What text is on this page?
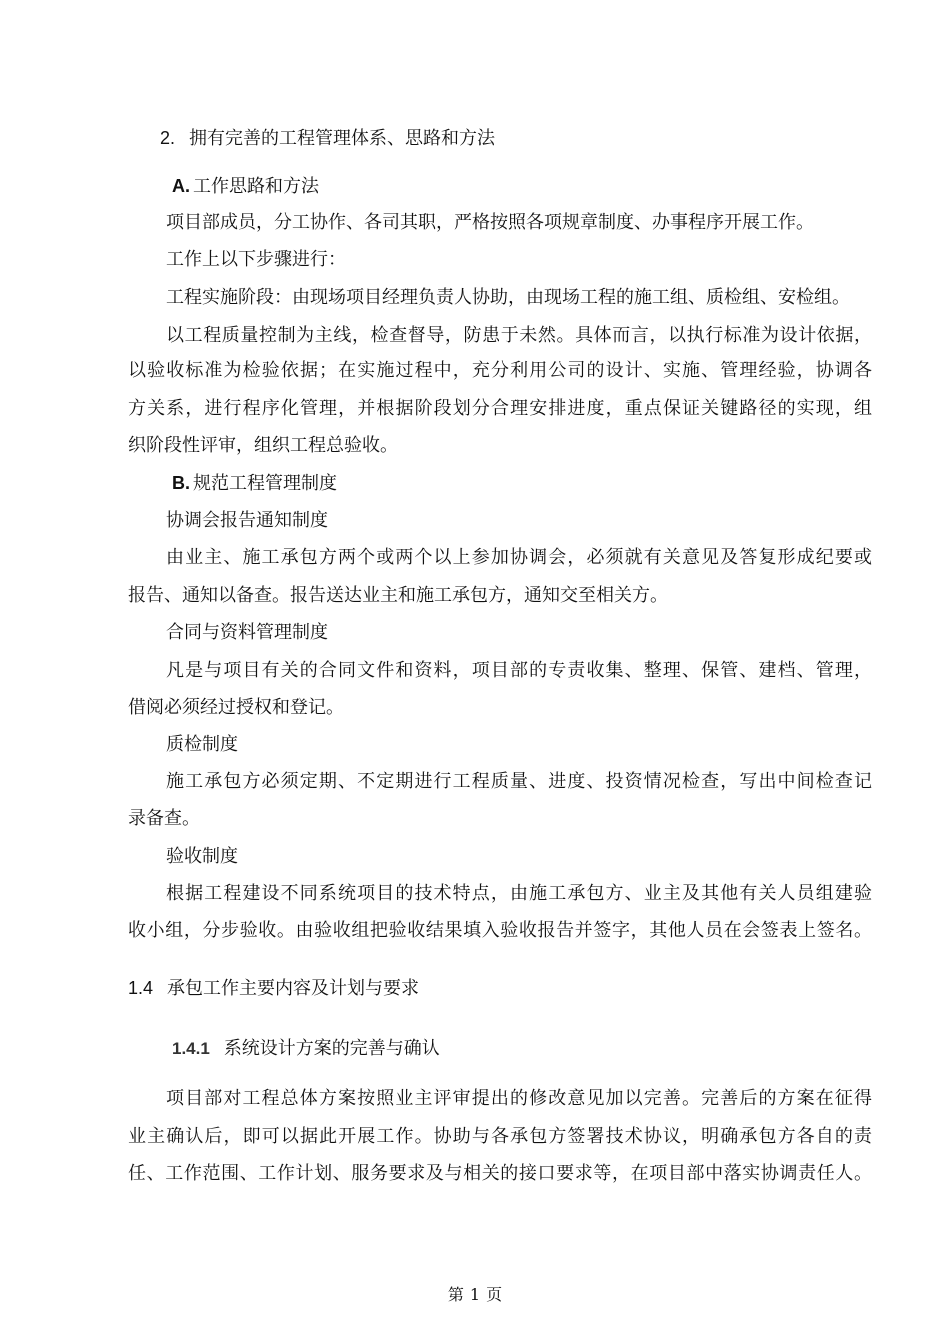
2. 拥有完善的工程管理体系、思路和方法
A. 工作思路和方法
项目部成员，分工协作、各司其职，严格按照各项规章制度、办事程序开展工作。
工作上以下步骤进行：
工程实施阶段：由现场项目经理负责人协助，由现场工程的施工组、质检组、安检组。
以工程质量控制为主线，检查督导，防患于未然。具体而言，以执行标准为设计依据，
以验收标准为检验依据；在实施过程中，充分利用公司的设计、实施、管理经验，协调各
方关系，进行程序化管理，并根据阶段划分合理安排进度，重点保证关键路径的实现，组
织阶段性评审，组织工程总验收。
B. 规范工程管理制度
协调会报告通知制度
由业主、施工承包方两个或两个以上参加协调会，必须就有关意见及答复形成纪要或
报告、通知以备查。报告送达业主和施工承包方，通知交至相关方。
合同与资料管理制度
凡是与项目有关的合同文件和资料，项目部的专责收集、整理、保管、建档、管理，
借阅必须经过授权和登记。
质检制度
施工承包方必须定期、不定期进行工程质量、进度、投资情况检查，写出中间检查记
录备查。
验收制度
根据工程建设不同系统项目的技术特点，由施工承包方、业主及其他有关人员组建验
收小组，分步验收。由验收组把验收结果填入验收报告并签字，其他人员在会签表上签名。
1.4 承包工作主要内容及计划与要求
1.4.1 系统设计方案的完善与确认
项目部对工程总体方案按照业主评审提出的修改意见加以完善。完善后的方案在征得
业主确认后，即可以据此开展工作。协助与各承包方签署技术协议，明确承包方各自的责
任、工作范围、工作计划、服务要求及与相关的接口要求等，在项目部中落实协调责任人。
第 1 页
